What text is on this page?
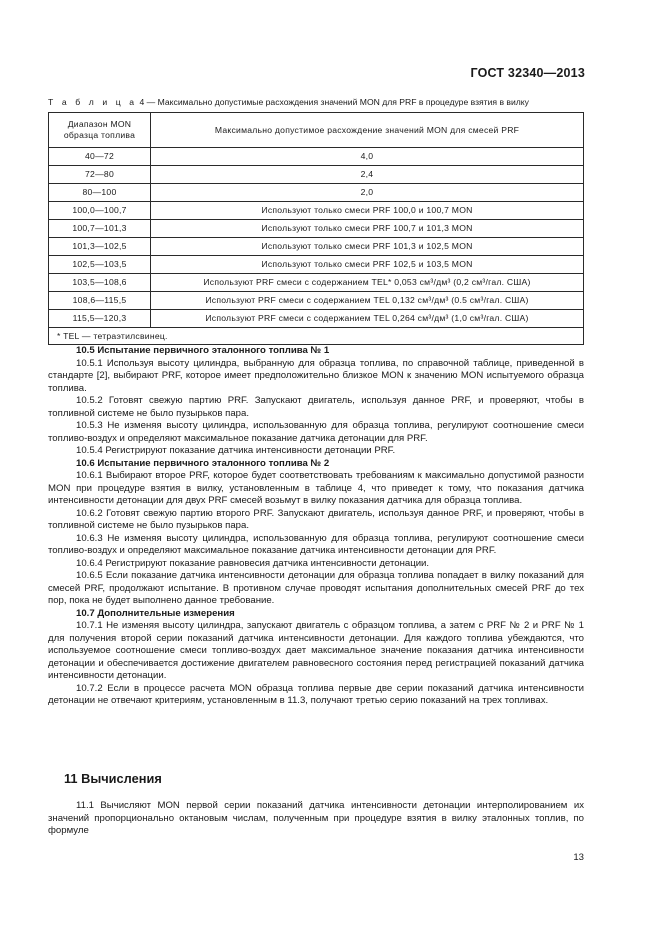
ГОСТ 32340—2013
Т а б л и ц а 4 — Максимально допустимые расхождения значений MON для PRF в процедуре взятия в вилку
Диапазон MON образца топлива	Максимально допустимое расхождение значений MON для смесей PRF
40—72	4,0
72—80	2,4
80—100	2,0
100,0—100,7	Используют только смеси PRF 100,0 и 100,7 MON
100,7—101,3	Используют только смеси PRF 100,7 и 101,3 MON
101,3—102,5	Используют только смеси PRF 101,3 и 102,5 MON
102,5—103,5	Используют только смеси PRF 102,5 и 103,5 MON
103,5—108,6	Используют PRF смеси с содержанием TEL* 0,053 см³/дм³ (0,2 см³/гал. США)
108,6—115,5	Используют PRF смеси с содержанием TEL 0,132 см³/дм³ (0.5 см³/гал. США)
115,5—120,3	Используют PRF смеси с содержанием TEL 0,264 см³/дм³ (1,0 см³/гал. США)
* TEL — тетраэтилсвинец.	
10.5 Испытание первичного эталонного топлива № 1

10.5.1 Используя высоту цилиндра, выбранную для образца топлива, по справочной таблице, приведенной в стандарте [2], выбирают PRF, которое имеет предположительно близкое MON к значению MON испытуемого образца топлива.

10.5.2 Готовят свежую партию PRF. Запускают двигатель, используя данное PRF, и проверяют, чтобы в топливной системе не было пузырьков пара.

10.5.3 Не изменяя высоту цилиндра, использованную для образца топлива, регулируют соотношение смеси топливо-воздух и определяют максимальное показание датчика детонации для PRF.

10.5.4 Регистрируют показание датчика интенсивности детонации PRF.

10.6 Испытание первичного эталонного топлива № 2

10.6.1 Выбирают второе PRF, которое будет соответствовать требованиям к максимально допустимой разности MON при процедуре взятия в вилку, установленным в таблице 4, что приведет к тому, что показания датчика интенсивности детонации для двух PRF смесей возьмут в вилку показания датчика для образца топлива.

10.6.2 Готовят свежую партию второго PRF. Запускают двигатель, используя данное PRF, и проверяют, чтобы в топливной системе не было пузырьков пара.

10.6.3 Не изменяя высоту цилиндра, использованную для образца топлива, регулируют соотношение смеси топливо-воздух и определяют максимальное показание датчика интенсивности детонации для PRF.

10.6.4 Регистрируют показание равновесия датчика интенсивности детонации.

10.6.5 Если показание датчика интенсивности детонации для образца топлива попадает в вилку показаний для смесей PRF, продолжают испытание. В противном случае проводят испытания дополнительных смесей PRF до тех пор, пока не будет выполнено данное требование.

10.7 Дополнительные измерения

10.7.1 Не изменяя высоту цилиндра, запускают двигатель с образцом топлива, а затем с PRF № 2 и PRF № 1 для получения второй серии показаний датчика интенсивности детонации. Для каждого топлива убеждаются, что используемое соотношение смеси топливо-воздух дает максимальное значение показания датчика интенсивности детонации и обеспечивается достижение двигателем равновесного состояния перед регистрацией показаний датчика интенсивности детонации.

10.7.2 Если в процессе расчета MON образца топлива первые две серии показаний датчика интенсивности детонации не отвечают критериям, установленным в 11.3, получают третью серию показаний на трех топливах.

11 Вычисления

11.1 Вычисляют MON первой серии показаний датчика интенсивности детонации интерполированием их значений пропорционально октановым числам, полученным при процедуре взятия в вилку эталонных топлив, по формуле

13
